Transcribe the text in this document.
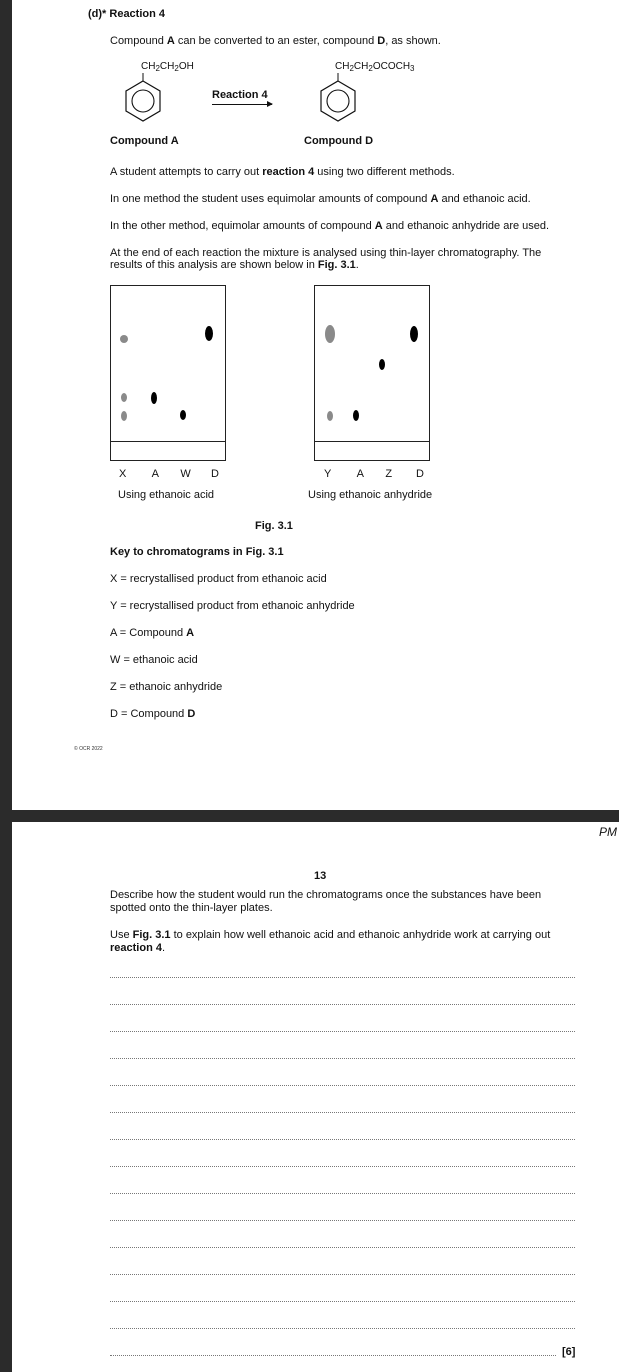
(d)* Reaction 4
Compound A can be converted to an ester, compound D, as shown.
$CH_2CH_2OH$
Compound A
Reaction 4
$CH_2CH_2OCOCH_3$
Compound D
A student attempts to carry out reaction 4 using two different methods.
In one method the student uses equimolar amounts of compound A and ethanoic acid.
In the other method, equimolar amounts of compound A and ethanoic anhydride are used.
At the end of each reaction the mixture is analysed using thin-layer chromatography. The
results of this analysis are shown below in Fig. 3.1.
X A	W	D
Using ethanoic acid
Y A	Z	D
Using ethanoic anhydride
Fig. 3.1
Key to chromatograms in Fig. 3.1
X = recrystallised product from ethanoic acid
Y = recrystallised product from ethanoic anhydride
A = Compound A
W = ethanoic acid
Z = ethanoic anhydride
D = Compound D
© OCR 2022
PM
13
Describe how the student would run the chromatograms once the substances have been
spotted onto the thin-layer plates.
Use Fig. 3.1 to explain how well ethanoic acid and ethanoic anhydride work at carrying out
reaction 4.
[6]
